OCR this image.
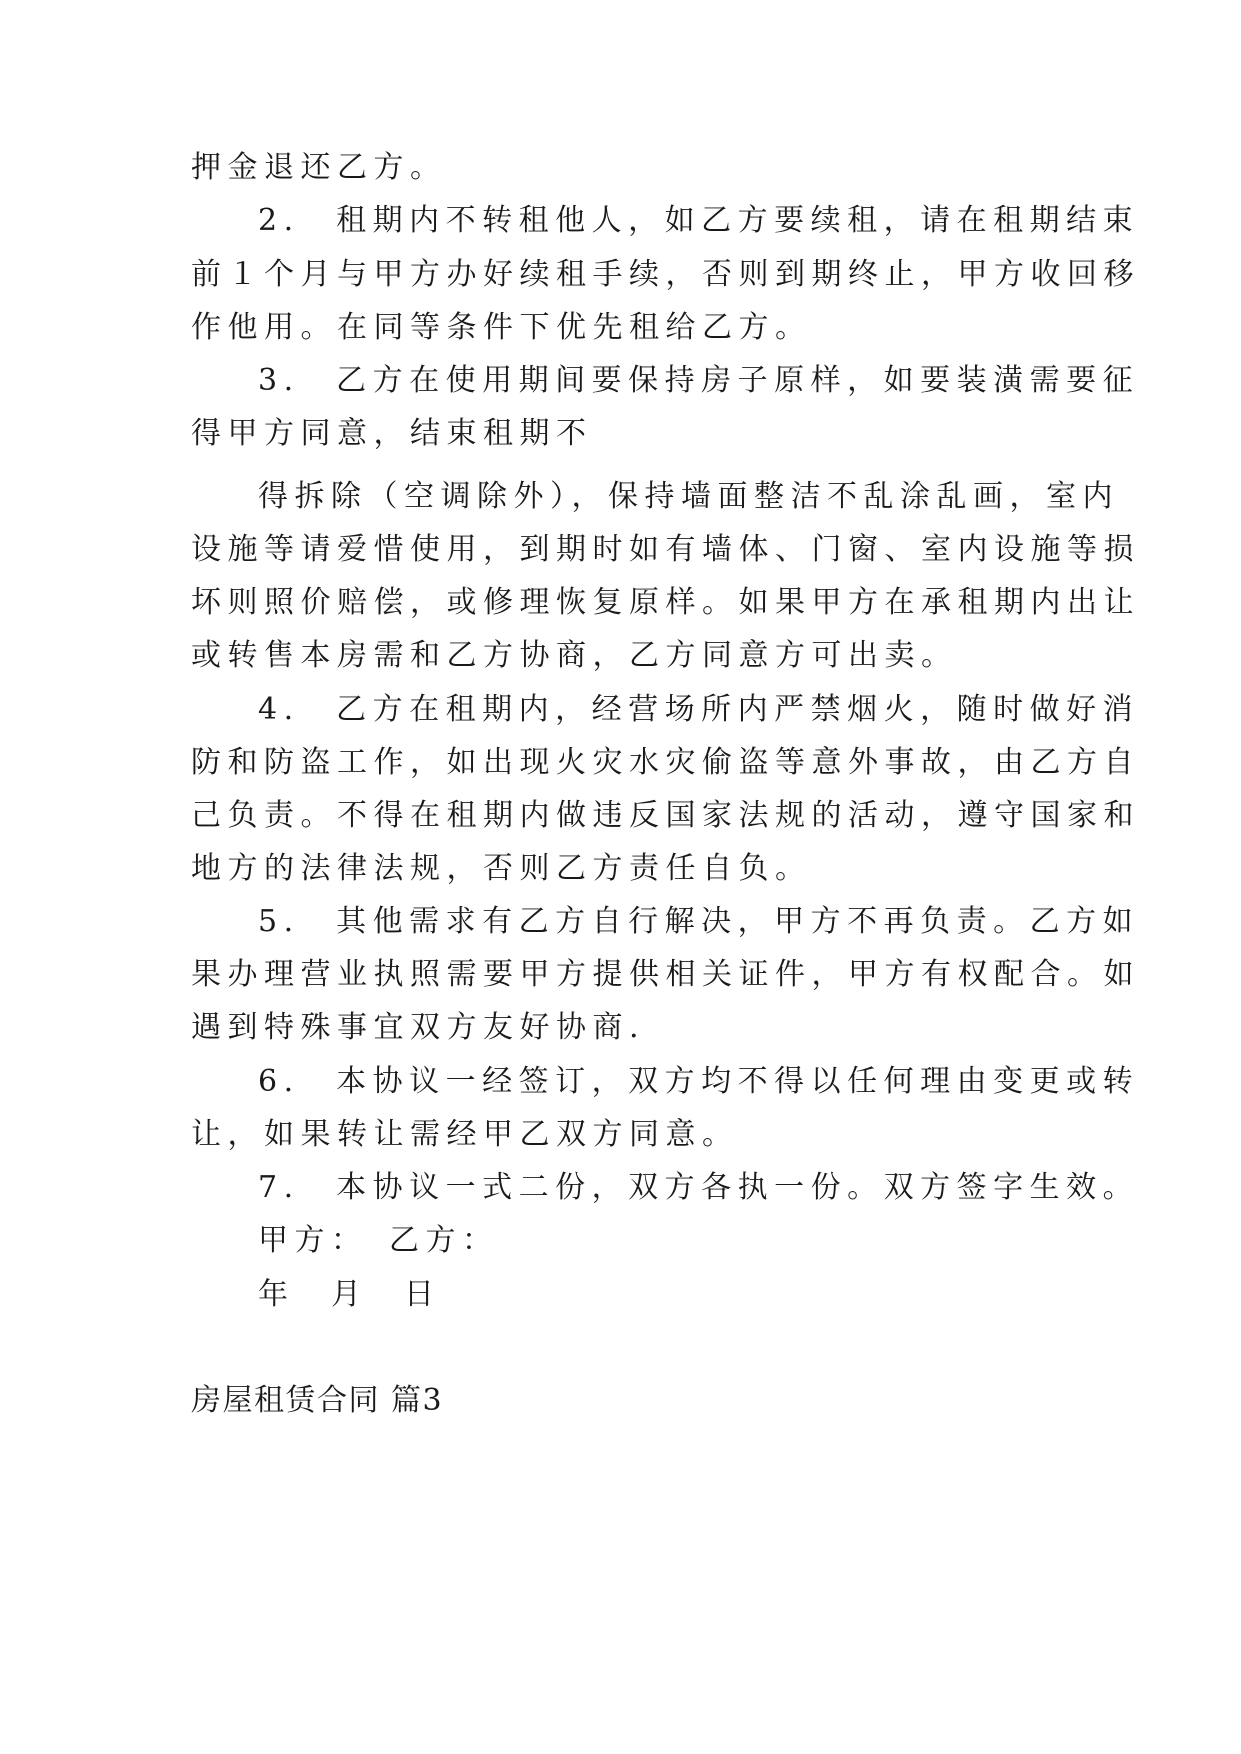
押金退还乙方。
2.　租期内不转租他人，如乙方要续租，请在租期结束
前１个月与甲方办好续租手续，否则到期终止，甲方收回移
作他用。在同等条件下优先租给乙方。
3.　乙方在使用期间要保持房子原样，如要装潢需要征
得甲方同意，结束租期不
得拆除（空调除外），保持墙面整洁不乱涂乱画，室内
设施等请爱惜使用，到期时如有墙体、门窗、室内设施等损
坏则照价赔偿，或修理恢复原样。如果甲方在承租期内出让
或转售本房需和乙方协商，乙方同意方可出卖。
4.　乙方在租期内，经营场所内严禁烟火，随时做好消
防和防盗工作，如出现火灾水灾偷盗等意外事故，由乙方自
己负责。不得在租期内做违反国家法规的活动，遵守国家和
地方的法律法规，否则乙方责任自负。
5.　其他需求有乙方自行解决，甲方不再负责。乙方如
果办理营业执照需要甲方提供相关证件，甲方有权配合。如
遇到特殊事宜双方友好协商.
6.　本协议一经签订，双方均不得以任何理由变更或转
让，如果转让需经甲乙双方同意。
7.　本协议一式二份，双方各执一份。双方签字生效。
甲方：　乙方：
年　月　日
房屋租赁合同 篇3
